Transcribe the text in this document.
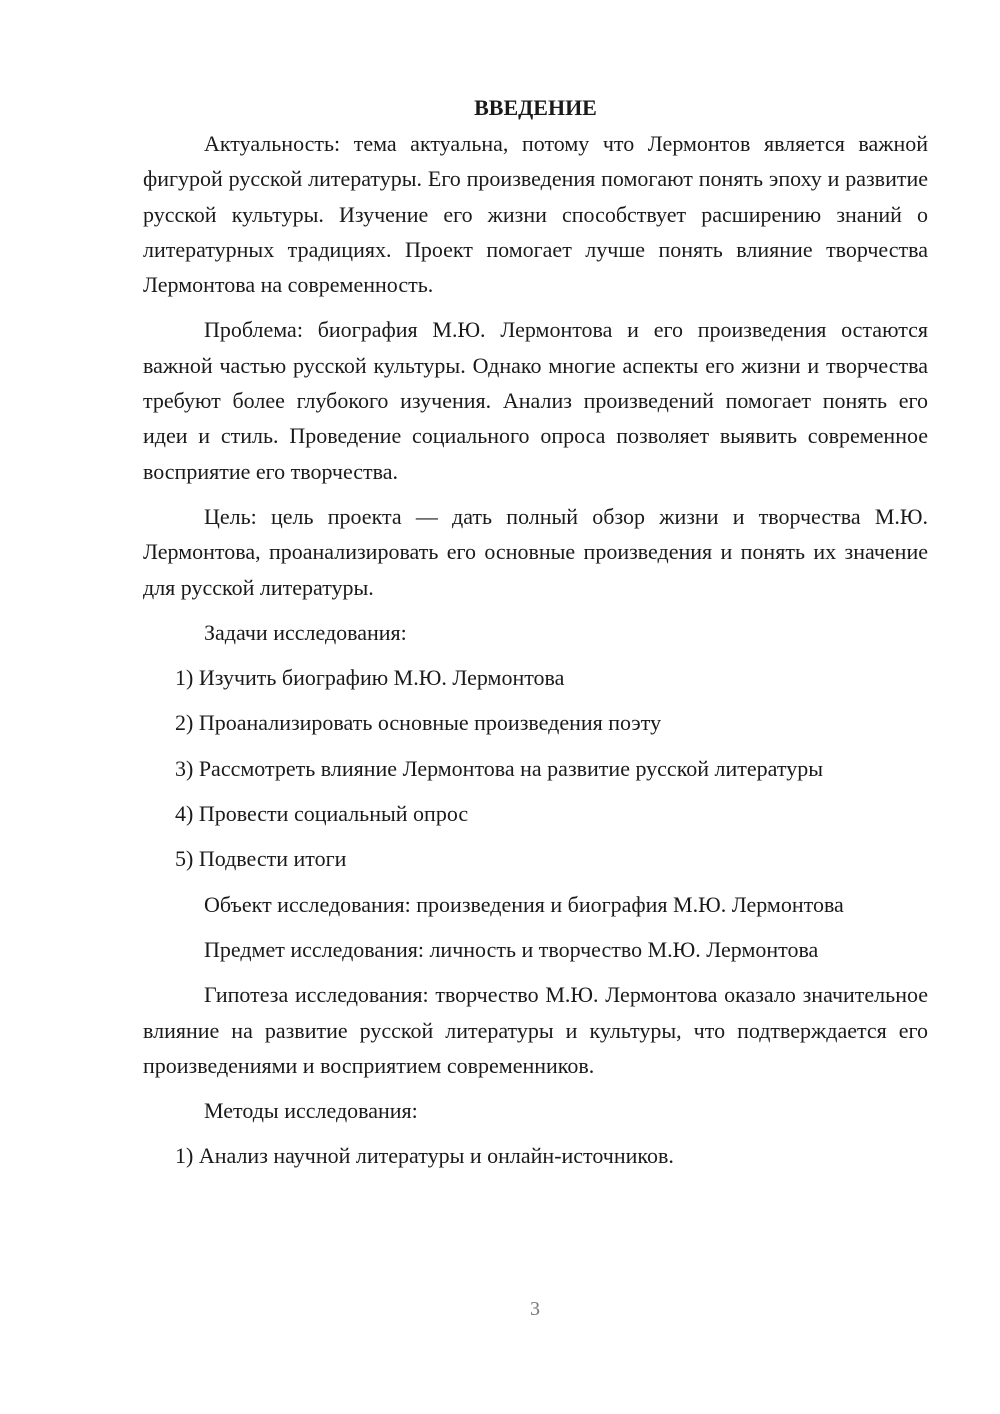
ВВЕДЕНИЕ

Актуальность: тема актуальна, потому что Лермонтов является важной фигурой русской литературы. Его произведения помогают понять эпоху и развитие русской культуры. Изучение его жизни способствует расширению знаний о литературных традициях. Проект помогает лучше понять влияние творчества Лермонтова на современность.

Проблема: биография М.Ю. Лермонтова и его произведения остаются важной частью русской культуры. Однако многие аспекты его жизни и творчества требуют более глубокого изучения. Анализ произведений помогает понять его идеи и стиль. Проведение социального опроса позволяет выявить современное восприятие его творчества.

Цель: цель проекта — дать полный обзор жизни и творчества М.Ю. Лермонтова, проанализировать его основные произведения и понять их значение для русской литературы.

Задачи исследования:

1) Изучить биографию М.Ю. Лермонтова

2) Проанализировать основные произведения поэту

3) Рассмотреть влияние Лермонтова на развитие русской литературы

4) Провести социальный опрос

5) Подвести итоги

Объект исследования: произведения и биография М.Ю. Лермонтова

Предмет исследования: личность и творчество М.Ю. Лермонтова

Гипотеза исследования: творчество М.Ю. Лермонтова оказало значительное влияние на развитие русской литературы и культуры, что подтверждается его произведениями и восприятием современников.

Методы исследования:

1) Анализ научной литературы и онлайн-источников.

3
